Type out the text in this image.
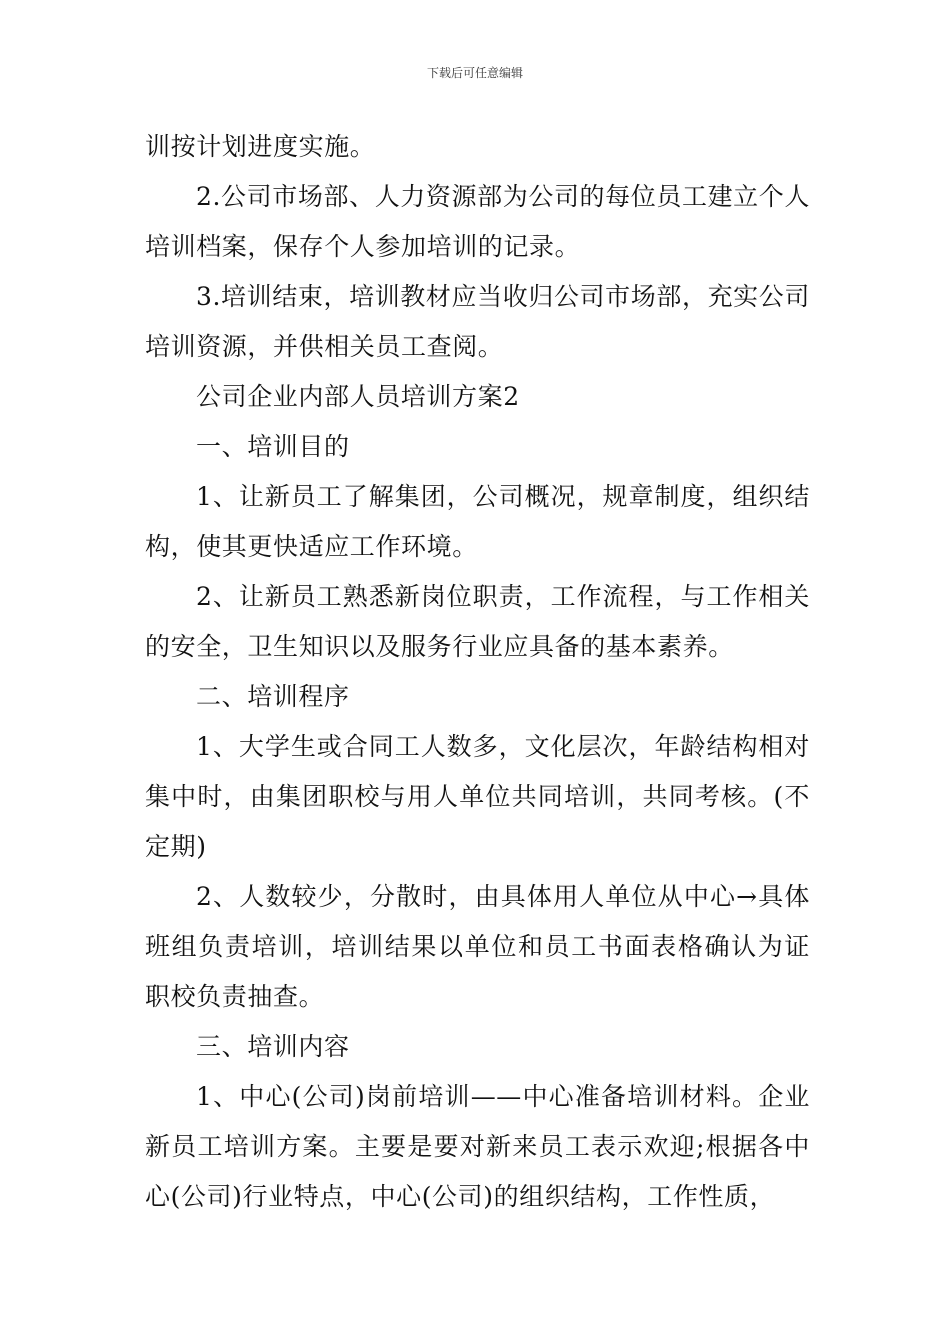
下载后可任意编辑

训按计划进度实施。

2.公司市场部、人力资源部为公司的每位员工建立个人培训档案，保存个人参加培训的记录。

3.培训结束，培训教材应当收归公司市场部，充实公司培训资源，并供相关员工查阅。

公司企业内部人员培训方案2

一、培训目的

1、让新员工了解集团，公司概况，规章制度，组织结构，使其更快适应工作环境。

2、让新员工熟悉新岗位职责，工作流程，与工作相关的安全，卫生知识以及服务行业应具备的基本素养。

二、培训程序

1、大学生或合同工人数多，文化层次，年龄结构相对集中时，由集团职校与用人单位共同培训，共同考核。(不定期)

2、人数较少，分散时，由具体用人单位从中心→具体班组负责培训，培训结果以单位和员工书面表格确认为证职校负责抽查。

三、培训内容

1、中心(公司)岗前培训——中心准备培训材料。企业新员工培训方案。主要是要对新来员工表示欢迎;根据各中心(公司)行业特点，中心(公司)的组织结构，工作性质，
